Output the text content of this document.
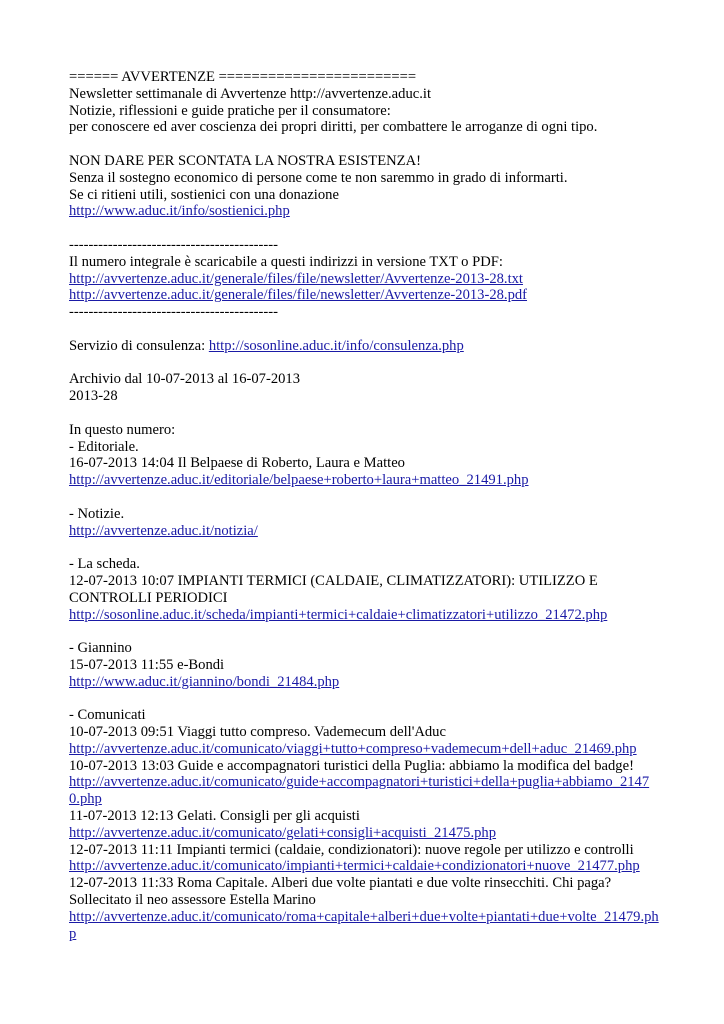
====== AVVERTENZE ========================
Newsletter settimanale di Avvertenze http://avvertenze.aduc.it
Notizie, riflessioni e guide pratiche per il consumatore:
per conoscere ed aver coscienza dei propri diritti, per combattere le arroganze di ogni tipo.
NON DARE PER SCONTATA LA NOSTRA ESISTENZA!
Senza il sostegno economico di persone come te non saremmo in grado di informarti.
Se ci ritieni utili, sostienici con una donazione
http://www.aduc.it/info/sostienici.php
-------------------------------------------
Il numero integrale è scaricabile a questi indirizzi in versione TXT o PDF:
http://avvertenze.aduc.it/generale/files/file/newsletter/Avvertenze-2013-28.txt
http://avvertenze.aduc.it/generale/files/file/newsletter/Avvertenze-2013-28.pdf
-------------------------------------------
Servizio di consulenza: http://sosonline.aduc.it/info/consulenza.php
Archivio dal 10-07-2013 al 16-07-2013
2013-28
In questo numero:
- Editoriale.
16-07-2013 14:04 Il Belpaese di Roberto, Laura e Matteo
http://avvertenze.aduc.it/editoriale/belpaese+roberto+laura+matteo_21491.php
- Notizie.
http://avvertenze.aduc.it/notizia/
- La scheda.
12-07-2013 10:07 IMPIANTI TERMICI (CALDAIE, CLIMATIZZATORI): UTILIZZO E CONTROLLI PERIODICI
http://sosonline.aduc.it/scheda/impianti+termici+caldaie+climatizzatori+utilizzo_21472.php
- Giannino
15-07-2013 11:55 e-Bondi
http://www.aduc.it/giannino/bondi_21484.php
- Comunicati
10-07-2013 09:51 Viaggi tutto compreso. Vademecum dell'Aduc
http://avvertenze.aduc.it/comunicato/viaggi+tutto+compreso+vademecum+dell+aduc_21469.php
10-07-2013 13:03 Guide e accompagnatori turistici della Puglia: abbiamo la modifica del badge!
http://avvertenze.aduc.it/comunicato/guide+accompagnatori+turistici+della+puglia+abbiamo_21470.php
11-07-2013 12:13 Gelati. Consigli per gli acquisti
http://avvertenze.aduc.it/comunicato/gelati+consigli+acquisti_21475.php
12-07-2013 11:11 Impianti termici (caldaie, condizionatori): nuove regole per utilizzo e controlli
http://avvertenze.aduc.it/comunicato/impianti+termici+caldaie+condizionatori+nuove_21477.php
12-07-2013 11:33 Roma Capitale. Alberi due volte piantati e due volte rinsecchiti. Chi paga? Sollecitato il neo assessore Estella Marino
http://avvertenze.aduc.it/comunicato/roma+capitale+alberi+due+volte+piantati+due+volte_21479.php
